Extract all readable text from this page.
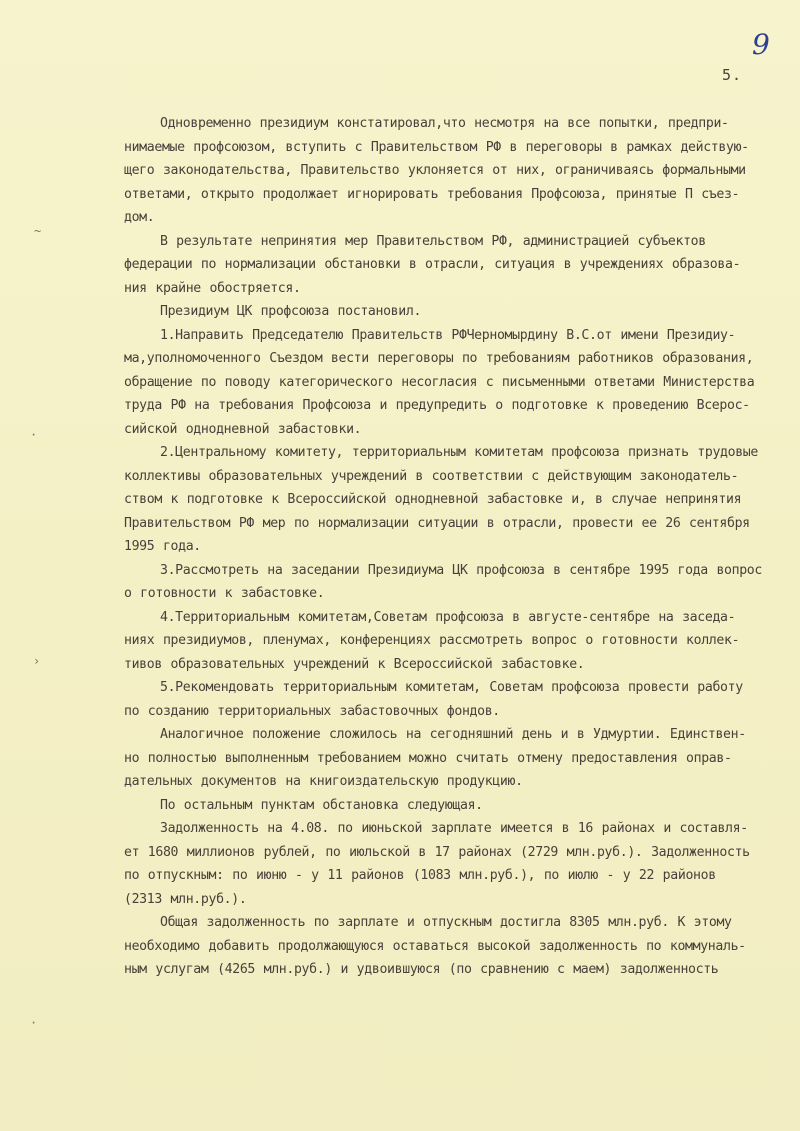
9
5.
~
·
›
·
Одновременно президиум констатировал,что несмотря на все попытки, предпри-
нимаемые профсоюзом, вступить с Правительством РФ в переговоры в рамках действую-
щего законодательства, Правительство уклоняется от них, ограничиваясь формальными
ответами, открыто продолжает игнорировать требования Профсоюза, принятые П съез-
дом.
В результате непринятия мер Правительством РФ, администрацией субъектов
федерации по нормализации обстановки в отрасли, ситуация в учреждениях образова-
ния крайне обостряется.
Президиум ЦК профсоюза постановил.
1.Направить Председателю Правительств РФЧерномырдину В.С.от имени Президиу-
ма,уполномоченного Съездом вести переговоры по требованиям работников образования,
обращение по поводу категорического несогласия с письменными ответами Министерства
труда РФ на требования Профсоюза и предупредить о подготовке к проведению Всерос-
сийской однодневной забастовки.
2.Центральному комитету, территориальным комитетам профсоюза признать трудовые
коллективы образовательных учреждений в соответствии с действующим законодатель-
ством к подготовке к Всероссийской однодневной забастовке и, в случае непринятия
Правительством РФ мер по нормализации ситуации в отрасли, провести ее 26 сентября
1995 года.
3.Рассмотреть на заседании Президиума ЦК профсоюза в сентябре 1995 года вопрос
о готовности к забастовке.
4.Территориальным комитетам,Советам профсоюза в августе-сентябре на заседа-
ниях президиумов, пленумах, конференциях рассмотреть вопрос о готовности коллек-
тивов образовательных учреждений к Всероссийской забастовке.
5.Рекомендовать территориальным комитетам, Советам профсоюза провести работу
по созданию территориальных забастовочных фондов.
Аналогичное положение сложилось на сегодняшний день и в Удмуртии. Единствен-
но полностью выполненным требованием можно считать отмену предоставления оправ-
дательных документов на книгоиздательскую продукцию.
По остальным пунктам обстановка следующая.
Задолженность на 4.08. по июньской зарплате имеется в 16 районах и составля-
ет 1680 миллионов рублей, по июльской в 17 районах (2729 млн.руб.). Задолженность
по отпускным: по июню - у 11 районов (1083 млн.руб.), по июлю - у 22 районов
(2313 млн.руб.).
Общая задолженность по зарплате и отпускным достигла 8305 млн.руб. К этому
необходимо добавить продолжающуюся оставаться высокой задолженность по коммуналь-
ным услугам (4265 млн.руб.) и удвоившуюся (по сравнению с маем) задолженность
